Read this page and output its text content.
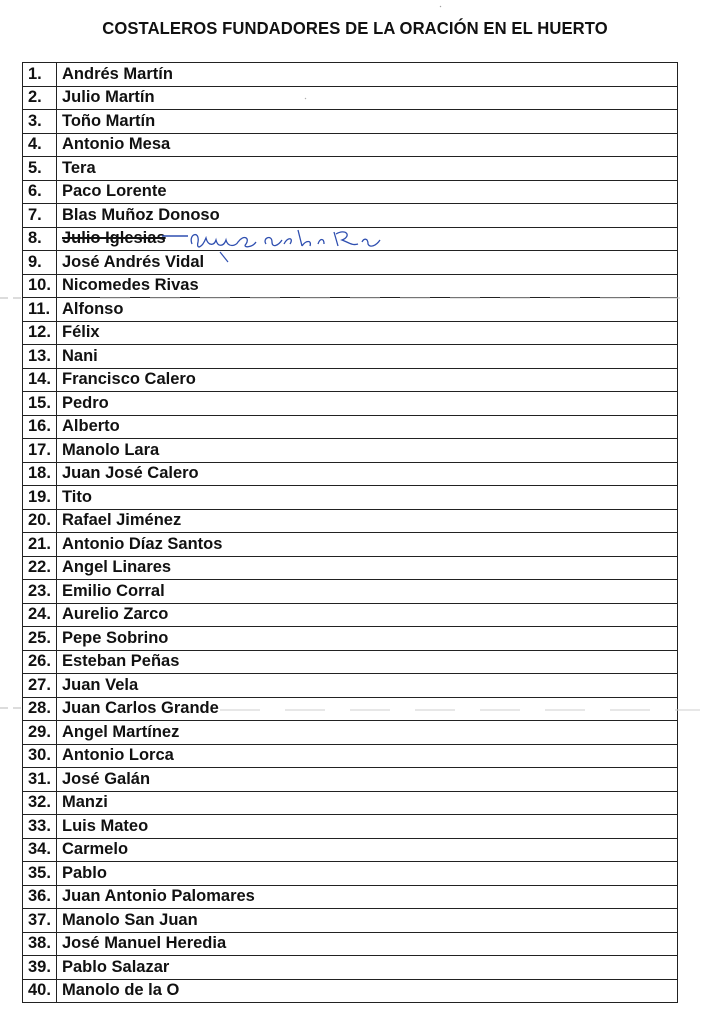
COSTALEROS FUNDADORES DE LA ORACIÓN EN EL HUERTO
1.	Andrés Martín
2.	Julio Martín
3.	Toño Martín
4.	Antonio Mesa
5.	Tera
6.	Paco Lorente
7.	Blas Muñoz Donoso
8.	Julio Iglesias
9.	José Andrés Vidal
10.	Nicomedes Rivas
11.	Alfonso
12.	Félix
13.	Nani
14.	Francisco Calero
15.	Pedro
16.	Alberto
17.	Manolo Lara
18.	Juan José Calero
19.	Tito
20.	Rafael Jiménez
21.	Antonio Díaz Santos
22.	Angel Linares
23.	Emilio Corral
24.	Aurelio Zarco
25.	Pepe Sobrino
26.	Esteban Peñas
27.	Juan Vela
28.	Juan Carlos Grande
29.	Angel Martínez
30.	Antonio Lorca
31.	José Galán
32.	Manzi
33.	Luis Mateo
34.	Carmelo
35.	Pablo
36.	Juan Antonio Palomares
37.	Manolo San Juan
38.	José Manuel Heredia
39.	Pablo Salazar
40.	Manolo de la O
